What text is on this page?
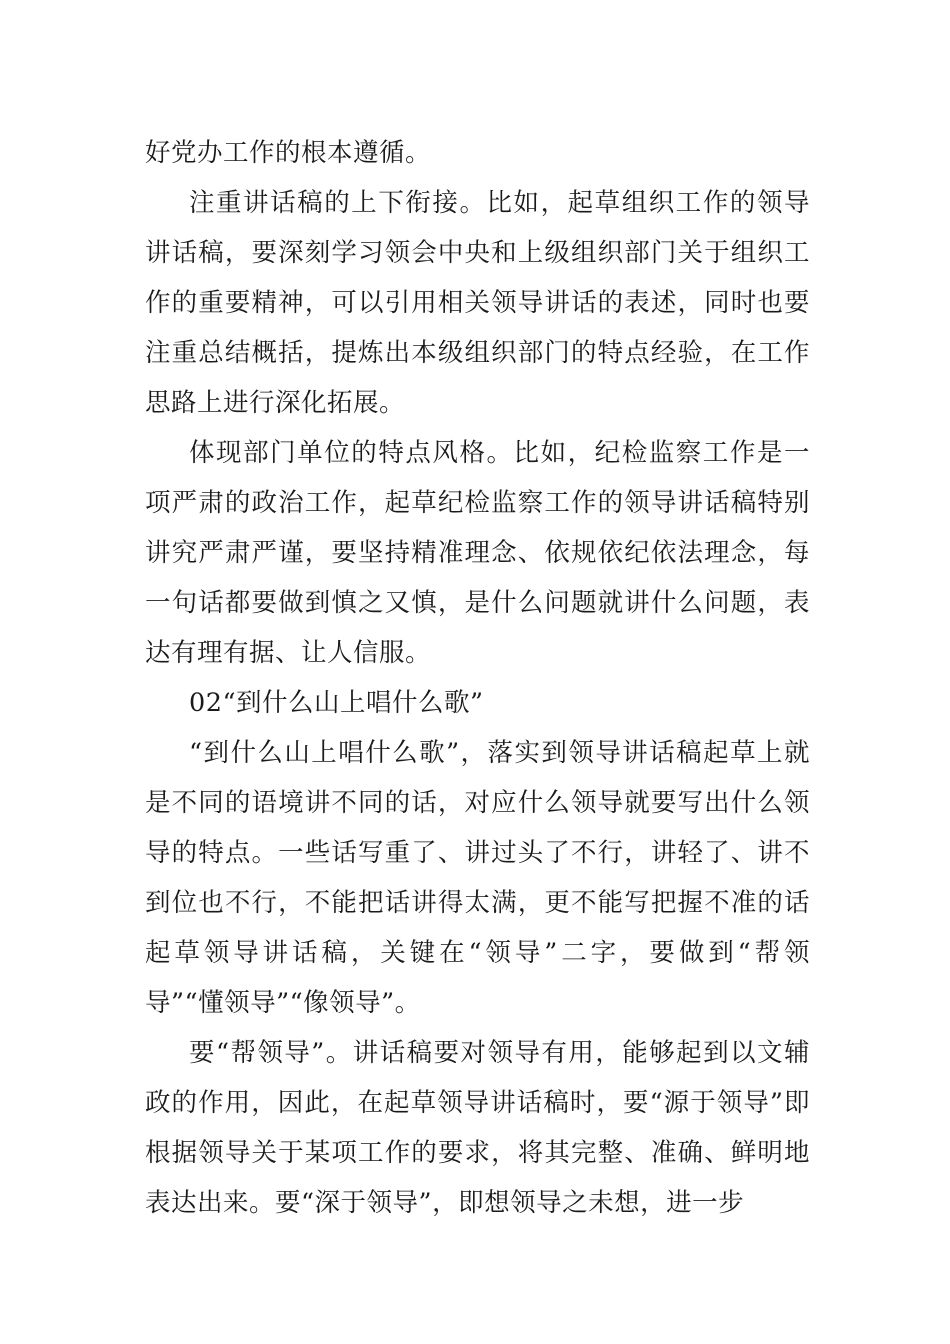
好党办工作的根本遵循。

注重讲话稿的上下衔接。比如，起草组织工作的领导讲话稿，要深刻学习领会中央和上级组织部门关于组织工作的重要精神，可以引用相关领导讲话的表述，同时也要注重总结概括，提炼出本级组织部门的特点经验，在工作思路上进行深化拓展。

体现部门单位的特点风格。比如，纪检监察工作是一项严肃的政治工作，起草纪检监察工作的领导讲话稿特别讲究严肃严谨，要坚持精准理念、依规依纪依法理念，每一句话都要做到慎之又慎，是什么问题就讲什么问题，表达有理有据、让人信服。

02“到什么山上唱什么歌”

“到什么山上唱什么歌”，落实到领导讲话稿起草上就是不同的语境讲不同的话，对应什么领导就要写出什么领导的特点。一些话写重了、讲过头了不行，讲轻了、讲不到位也不行，不能把话讲得太满，更不能写把握不准的话起草领导讲话稿，关键在“领导”二字，要做到“帮领导”“懂领导”“像领导”。

要“帮领导”。讲话稿要对领导有用，能够起到以文辅政的作用，因此，在起草领导讲话稿时，要“源于领导”即根据领导关于某项工作的要求，将其完整、准确、鲜明地表达出来。要“深于领导”，即想领导之未想，进一步
